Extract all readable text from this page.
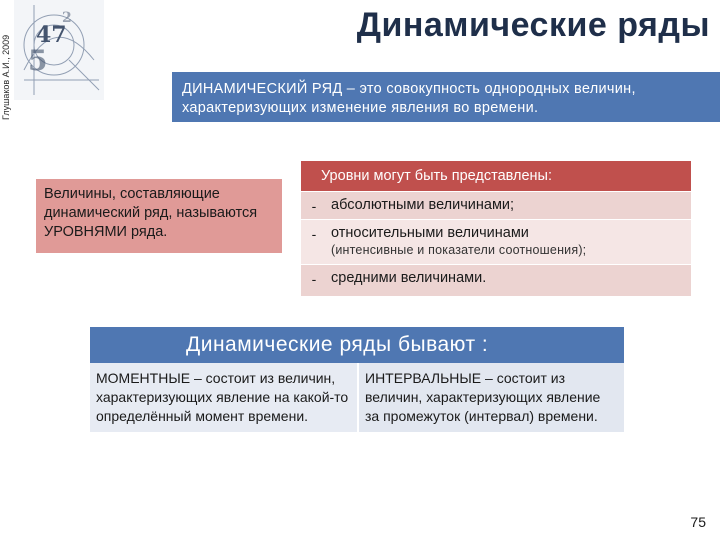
Глушаков А.И., 2009 47
5
2	Динамические ряды
ДИНАМИЧЕСКИЙ РЯД – это совокупность однородных величин, характеризующих изменение явления во времени.
Величины, составляющие динамический ряд, называются УРОВНЯМИ ряда.
Уровни могут быть представлены:
-	абсолютными величинами;
-	относительными величинами
(интенсивные и показатели соотношения);
-	средними величинами.
Динамические ряды бывают :
МОМЕНТНЫЕ – состоит из величин, характеризующих явление на какой-то определённый момент времени.
ИНТЕРВАЛЬНЫЕ – состоит из величин, характеризующих явление за промежуток (интервал) времени.
75
